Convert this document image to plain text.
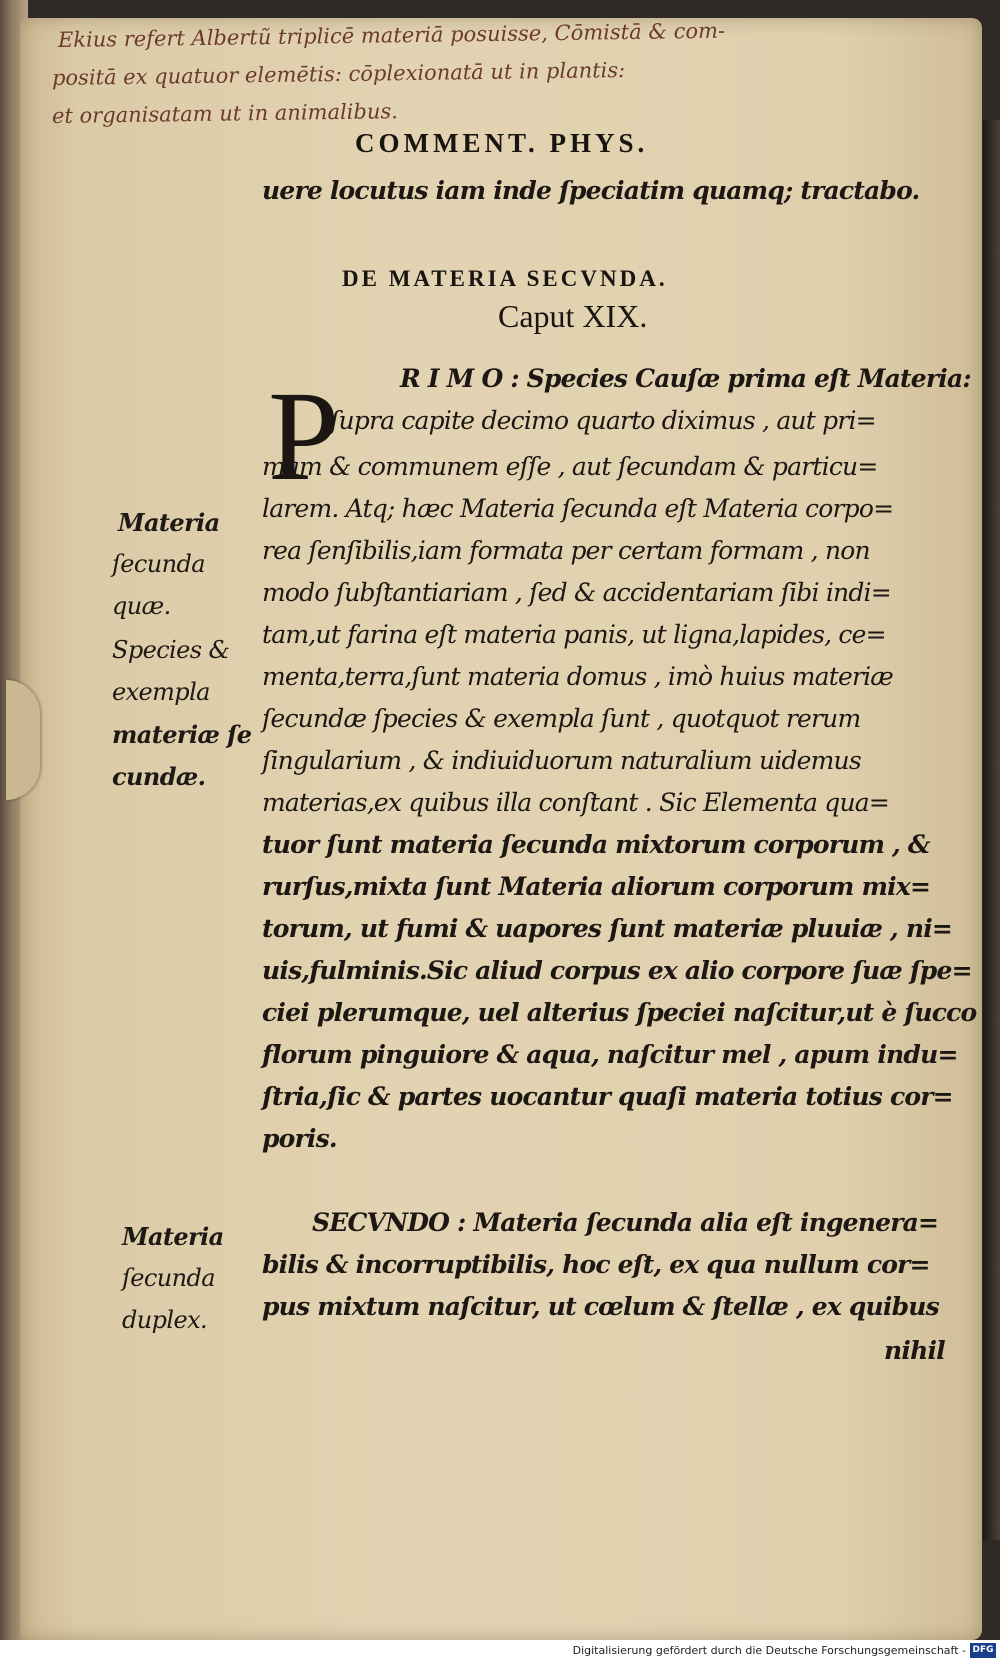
Ekius refert Albertũ triplicē materiā posuisse, Cōmistā & com-
positā ex quatuor elemētis: cōplexionatā ut in plantis:
et organisatam ut in animalibus.
COMMENT. PHYS.
uere locutus iam inde ſpeciatim quamq; tractabo.
DE MATERIA SECVNDA.
Caput XIX.
P R I M O : Species Cauſæ prima eſt Materia:
ſupra capite decimo quarto diximus , aut pri=
mam & communem eſſe , aut ſecundam & particu=
larem. Atq; hæc Materia ſecunda eſt Materia corpo=
rea ſenſibilis,iam formata per certam formam , non
modo ſubſtantiariam , ſed & accidentariam ſibi indi=
tam,ut farina eſt materia panis, ut ligna,lapides, ce=
menta,terra,ſunt materia domus , imò huius materiæ
ſecundæ ſpecies & exempla ſunt , quotquot rerum
ſingularium , & indiuiduorum naturalium uidemus
materias,ex quibus illa conſtant . Sic Elementa qua=
tuor ſunt materia ſecunda mixtorum corporum , &
rurſus,mixta ſunt Materia aliorum corporum mix=
torum, ut fumi & uapores ſunt materiæ pluuiæ , ni=
uis,fulminis.Sic aliud corpus ex alio corpore ſuæ ſpe=
ciei plerumque, uel alterius ſpeciei naſcitur,ut è ſucco
florum pinguiore & aqua, naſcitur mel , apum indu=
ſtria,ſic & partes uocantur quaſi materia totius cor=
poris.
SECVNDO : Materia ſecunda alia eſt ingenera=
bilis & incorruptibilis, hoc eſt, ex qua nullum cor=
pus mixtum naſcitur, ut cœlum & ſtellæ , ex quibus
nihil
Materia
ſecunda
quæ.
Species &
exempla
materiæ ſe
cundæ.
Materia
ſecunda
duplex.
Digitalisierung gefördert durch die Deutsche Forschungsgemeinschaft - DFG
